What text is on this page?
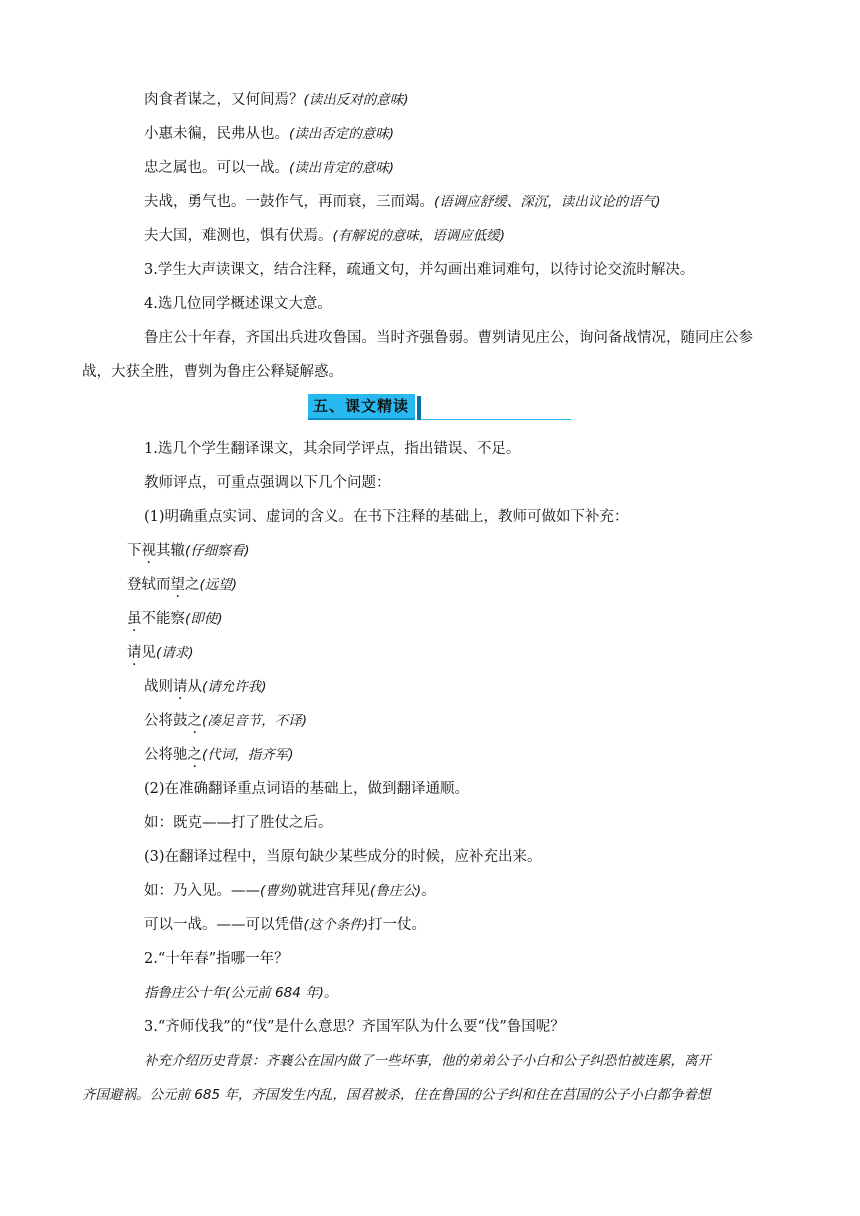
肉食者谋之，又何间焉？(读出反对的意味)
小惠未徧，民弗从也。(读出否定的意味)
忠之属也。可以一战。(读出肯定的意味)
夫战，勇气也。一鼓作气，再而衰，三而竭。(语调应舒缓、深沉，读出议论的语气)
夫大国，难测也，惧有伏焉。(有解说的意味，语调应低缓)
3.学生大声读课文，结合注释，疏通文句，并勾画出难词难句，以待讨论交流时解决。
4.选几位同学概述课文大意。
鲁庄公十年春，齐国出兵进攻鲁国。当时齐强鲁弱。曹刿请见庄公，询问备战情况，随同庄公参
战，大获全胜，曹刿为鲁庄公释疑解惑。
五、课文精读
1.选几个学生翻译课文，其余同学评点，指出错误、不足。
教师评点，可重点强调以下几个问题：
(1)明确重点实词、虚词的含义。在书下注释的基础上，教师可做如下补充：
下视其辙(仔细察看)
登轼而望之(远望)
虽不能察(即使)
请见(请求)
战则请从(请允许我)
公将鼓之(凑足音节，不译)
公将驰之(代词，指齐军)
(2)在准确翻译重点词语的基础上，做到翻译通顺。
如：既克——打了胜仗之后。
(3)在翻译过程中，当原句缺少某些成分的时候，应补充出来。
如：乃入见。——(曹刿)就进宫拜见(鲁庄公)。
可以一战。——可以凭借(这个条件)打一仗。
2.“十年春”指哪一年？
指鲁庄公十年(公元前 684 年)。
3.“齐师伐我”的“伐”是什么意思？齐国军队为什么要“伐”鲁国呢？
补充介绍历史背景：齐襄公在国内做了一些坏事，他的弟弟公子小白和公子纠恐怕被连累，离开
齐国避祸。公元前 685 年，齐国发生内乱，国君被杀，住在鲁国的公子纠和住在莒国的公子小白都争着想
